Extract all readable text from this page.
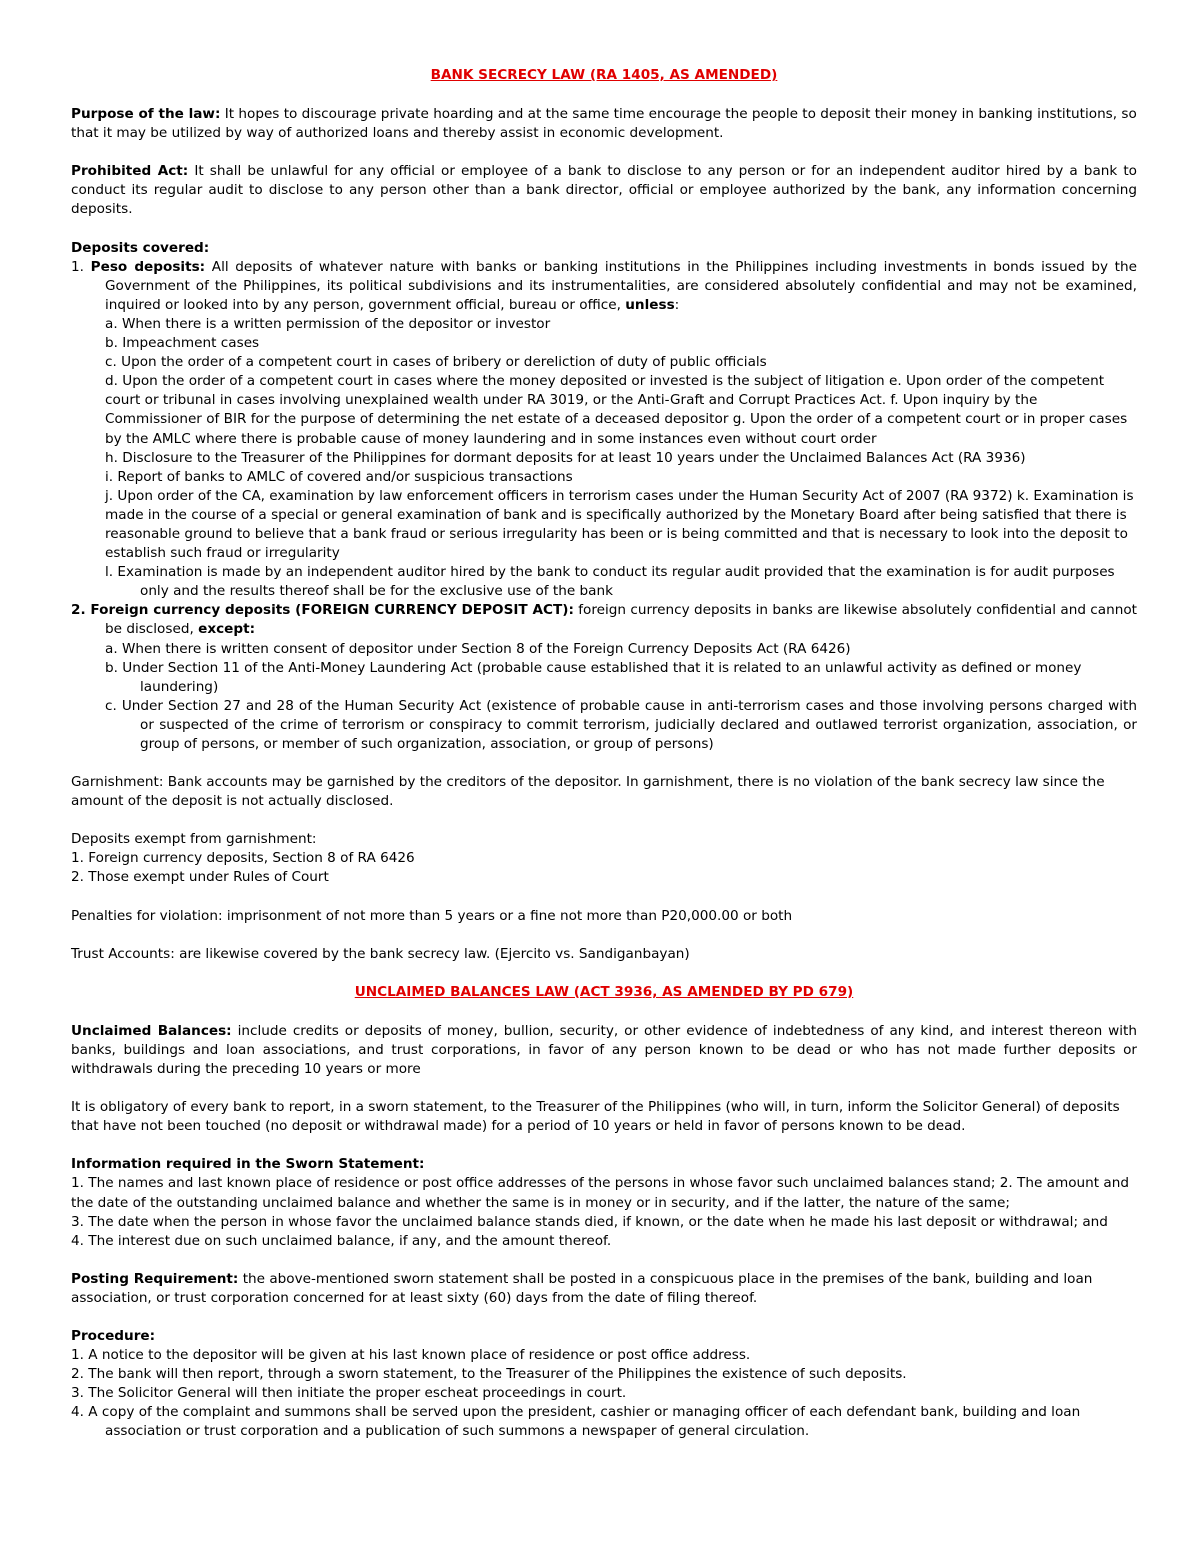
BANK SECRECY LAW (RA 1405, AS AMENDED)

Purpose of the law: It hopes to discourage private hoarding and at the same time encourage the people to deposit their money in banking institutions, so that it may be utilized by way of authorized loans and thereby assist in economic development.

Prohibited Act: It shall be unlawful for any official or employee of a bank to disclose to any person or for an independent auditor hired by a bank to conduct its regular audit to disclose to any person other than a bank director, official or employee authorized by the bank, any information concerning deposits.

Deposits covered:

1. Peso deposits: All deposits of whatever nature with banks or banking institutions in the Philippines including investments in bonds issued by the Government of the Philippines, its political subdivisions and its instrumentalities, are considered absolutely confidential and may not be examined, inquired or looked into by any person, government official, bureau or office, unless:

a. When there is a written permission of the depositor or investor

b. Impeachment cases

c. Upon the order of a competent court in cases of bribery or dereliction of duty of public officials

d. Upon the order of a competent court in cases where the money deposited or invested is the subject of litigation e. Upon order of the competent court or tribunal in cases involving unexplained wealth under RA 3019, or the Anti-Graft and Corrupt Practices Act. f. Upon inquiry by the Commissioner of BIR for the purpose of determining the net estate of a deceased depositor g. Upon the order of a competent court or in proper cases by the AMLC where there is probable cause of money laundering and in some instances even without court order

h. Disclosure to the Treasurer of the Philippines for dormant deposits for at least 10 years under the Unclaimed Balances Act (RA 3936)

i. Report of banks to AMLC of covered and/or suspicious transactions

j. Upon order of the CA, examination by law enforcement officers in terrorism cases under the Human Security Act of 2007 (RA 9372) k. Examination is made in the course of a special or general examination of bank and is specifically authorized by the Monetary Board after being satisfied that there is reasonable ground to believe that a bank fraud or serious irregularity has been or is being committed and that is necessary to look into the deposit to establish such fraud or irregularity

l. Examination is made by an independent auditor hired by the bank to conduct its regular audit provided that the examination is for audit purposes only and the results thereof shall be for the exclusive use of the bank

2. Foreign currency deposits (FOREIGN CURRENCY DEPOSIT ACT): foreign currency deposits in banks are likewise absolutely confidential and cannot be disclosed, except:

a. When there is written consent of depositor under Section 8 of the Foreign Currency Deposits Act (RA 6426)

b. Under Section 11 of the Anti-Money Laundering Act (probable cause established that it is related to an unlawful activity as defined or money laundering)

c. Under Section 27 and 28 of the Human Security Act (existence of probable cause in anti-terrorism cases and those involving persons charged with or suspected of the crime of terrorism or conspiracy to commit terrorism, judicially declared and outlawed terrorist organization, association, or group of persons, or member of such organization, association, or group of persons)

Garnishment: Bank accounts may be garnished by the creditors of the depositor. In garnishment, there is no violation of the bank secrecy law since the amount of the deposit is not actually disclosed.

Deposits exempt from garnishment:

1. Foreign currency deposits, Section 8 of RA 6426

2. Those exempt under Rules of Court

Penalties for violation: imprisonment of not more than 5 years or a fine not more than P20,000.00 or both

Trust Accounts: are likewise covered by the bank secrecy law. (Ejercito vs. Sandiganbayan)

UNCLAIMED BALANCES LAW (ACT 3936, AS AMENDED BY PD 679)

Unclaimed Balances: include credits or deposits of money, bullion, security, or other evidence of indebtedness of any kind, and interest thereon with banks, buildings and loan associations, and trust corporations, in favor of any person known to be dead or who has not made further deposits or withdrawals during the preceding 10 years or more

It is obligatory of every bank to report, in a sworn statement, to the Treasurer of the Philippines (who will, in turn, inform the Solicitor General) of deposits that have not been touched (no deposit or withdrawal made) for a period of 10 years or held in favor of persons known to be dead.

Information required in the Sworn Statement:

1. The names and last known place of residence or post office addresses of the persons in whose favor such unclaimed balances stand; 2. The amount and the date of the outstanding unclaimed balance and whether the same is in money or in security, and if the latter, the nature of the same;

3. The date when the person in whose favor the unclaimed balance stands died, if known, or the date when he made his last deposit or withdrawal; and

4. The interest due on such unclaimed balance, if any, and the amount thereof.

Posting Requirement: the above-mentioned sworn statement shall be posted in a conspicuous place in the premises of the bank, building and loan association, or trust corporation concerned for at least sixty (60) days from the date of filing thereof.

Procedure:

1. A notice to the depositor will be given at his last known place of residence or post office address.

2. The bank will then report, through a sworn statement, to the Treasurer of the Philippines the existence of such deposits.

3. The Solicitor General will then initiate the proper escheat proceedings in court.

4. A copy of the complaint and summons shall be served upon the president, cashier or managing officer of each defendant bank, building and loan association or trust corporation and a publication of such summons a newspaper of general circulation.
